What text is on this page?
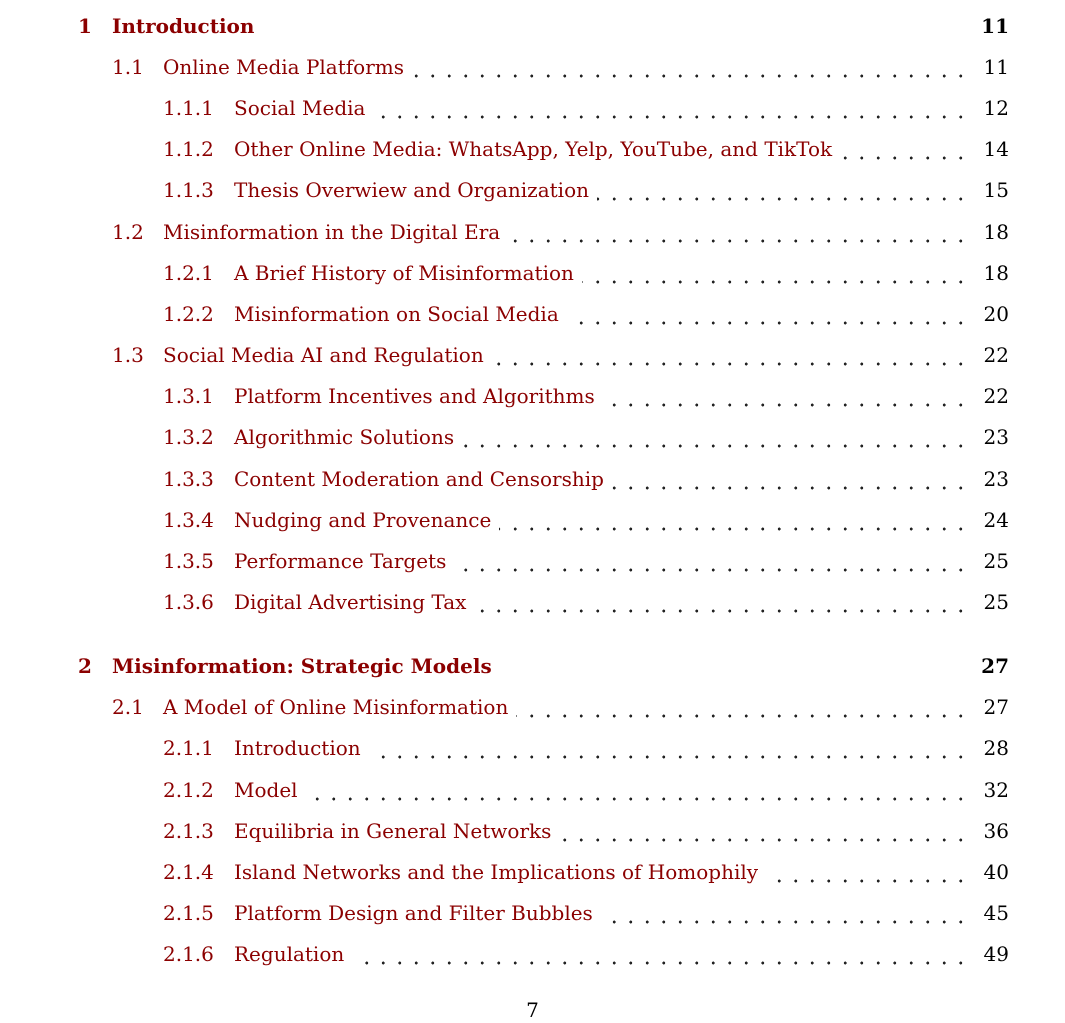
1 Introduction	11
1.1 Online Media Platforms	11
1.1.1 Social Media	12
1.1.2 Other Online Media: WhatsApp, Yelp, YouTube, and TikTok	14
1.1.3 Thesis Overwiew and Organization	15
1.2 Misinformation in the Digital Era	18
1.2.1 A Brief History of Misinformation	18
1.2.2 Misinformation on Social Media	20
1.3 Social Media AI and Regulation	22
1.3.1 Platform Incentives and Algorithms	22
1.3.2 Algorithmic Solutions	23
1.3.3 Content Moderation and Censorship	23
1.3.4 Nudging and Provenance	24
1.3.5 Performance Targets	25
1.3.6 Digital Advertising Tax	25
2 Misinformation: Strategic Models	27
2.1 A Model of Online Misinformation	27
2.1.1 Introduction	28
2.1.2 Model	32
2.1.3 Equilibria in General Networks	36
2.1.4 Island Networks and the Implications of Homophily	40
2.1.5 Platform Design and Filter Bubbles	45
2.1.6 Regulation	49
7
